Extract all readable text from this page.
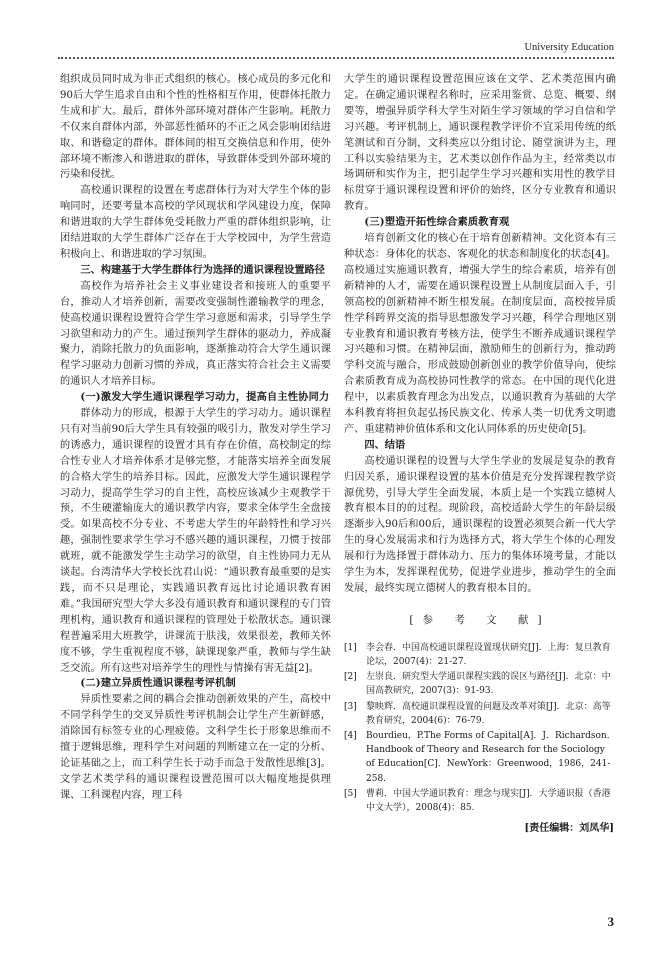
University Education

组织成员同时成为非正式组织的核心。核心成员的多元化和90后大学生追求自由和个性的性格相互作用，使群体托散力生成和扩大。最后，群体外部环境对群体产生影响。耗散力不仅来自群体内部，外部恶性循环的不正之风会影响团结进取、和谐稳定的群体。群体间的相互交换信息和作用，使外部环境不断渗入和谐进取的群体，导致群体受到外部环境的污染和侵扰。

高校通识课程的设置在考虑群体行为对大学生个体的影响同时，还要考量本高校的学风现状和学风建设力度，保障和谐进取的大学生群体免受耗散力严重的群体组织影响，让团结进取的大学生群体广泛存在于大学校园中，为学生营造积极向上、和谐进取的学习氛围。

三、构建基于大学生群体行为选择的通识课程设置路径

高校作为培养社会主义事业建设者和接班人的重要平台，推动人才培养创新，需要改变强制性灌输教学的理念，使高校通识课程设置符合学生学习意愿和需求，引导学生学习欲望和动力的产生。通过预判学生群体的驱动力，养成凝聚力，消除托散力的负面影响，逐渐推动符合大学生通识课程学习驱动力创新习惯的养成，真正落实符合社会主义需要的通识人才培养目标。

(一)激发大学生通识课程学习动力，提高自主性协同力

群体动力的形成，根源于大学生的学习动力。通识课程只有对当前90后大学生具有较强的吸引力，散发对学生学习的诱惑力，通识课程的设置才具有存在价值，高校制定的综合性专业人才培养体系才是够完整，才能落实培养全面发展的合格大学生的培养目标。因此，应激发大学生通识课程学习动力，提高学生学习的自主性，高校应该减少主观教学干预，不生硬灌输庞大的通识教学内容，要求全体学生全盘接受。如果高校不分专业、不考虑大学生的年龄特性和学习兴趣，强制性要求学生学习不感兴趣的通识课程，刀惯于按部就班，就不能激发学生主动学习的欲望，自主性协同力无从谈起。台湾清华大学校长沈君山说：“通识教育最重要的是实践，而不只是理论，实践通识教育远比讨论通识教育困难。”我国研究型大学大多没有通识教育和通识课程的专门管理机构，通识教育和通识课程的管理处于松散状态。通识课程普遍采用大班教学，讲课流于肤浅，效果很差，教师关怀度不够，学生重视程度不够，缺课现象严重，教师与学生缺乏交流。所有这些对培养学生的理性与情操有害无益[2]。

(二)建立异质性通识课程考评机制

异质性要素之间的耦合会推动创新效果的产生，高校中不同学科学生的交叉异质性考评机制会让学生产生新鲜感，消除国有标签专业的心理疲倦。文科学生长于形象思维而不擅于逻辑思维，理科学生对问题的判断建立在一定的分析、论证基础之上，而工科学生长于动手而急于发散性思维[3]。文学艺术类学科的通识课程设置范围可以大幅度地提供理课、工科课程内容，理工科

大学生的通识课程设置范围应该在文学、艺术类范围内确定。在确定通识课程名称时，应采用鉴赏、总览、概要、纲要等，增强异质学科大学生对陌生学习领域的学习自信和学习兴趣。考评机制上，通识课程教学评价不宜采用传统的纸笔测试和百分制，文科类应以分组讨论、随堂演讲为主，理工科以实验结果为主，艺术类以创作作品为主，经常类以市场调研和实作为主，把引起学生学习兴趣和实用性的教学目标贯穿于通识课程设置和评价的始终，区分专业教育和通识教育。

(三)塑造开拓性综合素质教育观

培育创新文化的核心在于培育创新精神。文化资本有三种状态：身体化的状态、客观化的状态和制度化的状态[4]。高校通过实施通识教育，增强大学生的综合素质，培养有创新精神的人才，需要在通识课程设置上从制度层面入手，引领高校的创新精神不断生根发展。在制度层面，高校按异质性学科跨界交流的指导思想激发学习兴趣，科学合理地区别专业教育和通识教育考核方法，使学生不断养成通识课程学习兴趣和习惯。在精神层面，激励师生的创新行为，推动跨学科交流与融合，形成鼓励创新创业的教学价值导向，使综合素质教育成为高校协同性教学的常态。在中国的现代化进程中，以素质教育理念为出发点，以通识教育为基础的大学本科教育将担负起弘扬民族文化、传承人类一切优秀文明遗产、重建精神价值体系和文化认同体系的历史使命[5]。

四、结语

高校通识课程的设置与大学生学业的发展是复杂的教育归因关系，通识课程设置的基本价值是充分发挥课程教学资源优势，引导大学生全面发展，本质上是一个实践立德树人教育根本目的的过程。现阶段，高校适龄大学生的年龄层级逐渐步入90后和00后，通识课程的设置必须契合新一代大学生的身心发展需求和行为选择方式，将大学生个体的心理发展和行为选择置于群体动力、压力的集体环境考量，才能以学生为本，发挥课程优势，促进学业进步，推动学生的全面发展，最终实现立德树人的教育根本目的。

[参 考 文 献]
[1]	李会春．中国高校通识课程设置现状研究[J]．上海：复旦教育论坛，2007(4)：21-27.
[2]	左崇良．研究型大学通识课程实践的误区与路径[J]．北京：中国高教研究，2007(3)：91-93.
[3]	黎映辉．高校通识课程设置的问题及改革对策[J]．北京：高等教育研究，2004(6)：76-79.
[4]	Bourdieu，P.The Forms of Capital[A]．J．Richardson．Handbook of Theory and Research for the Sociology of Education[C]．NewYork：Greenwood，1986，241-258.
[5]	曹莉．中国大学通识教育：理念与现实[J]．大学通识报（香港中文大学），2008(4)：85.
[责任编辑：刘凤华]
3
